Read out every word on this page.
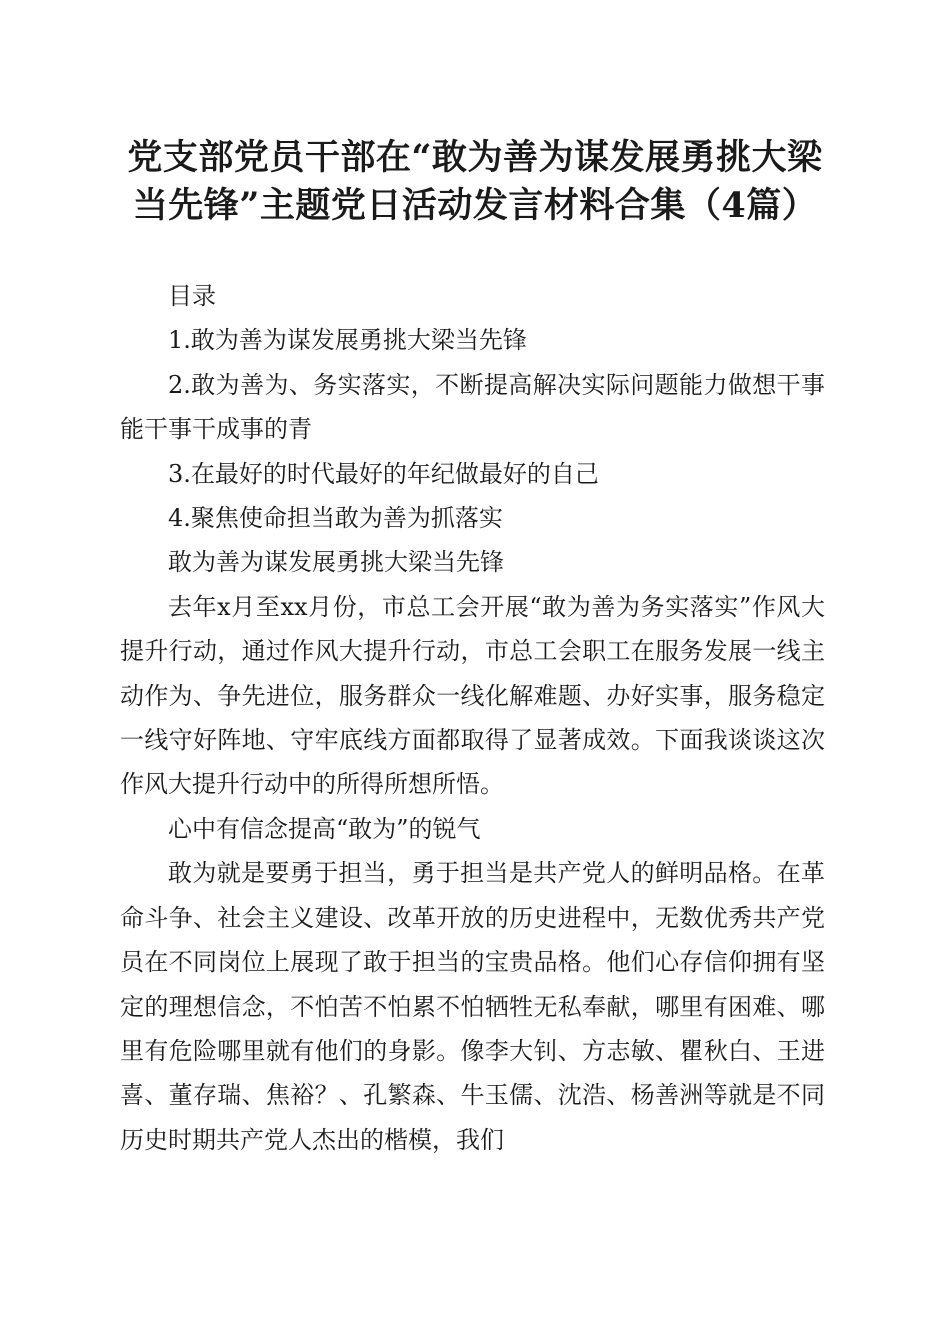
党支部党员干部在“敢为善为谋发展勇挑大梁
当先锋”主题党日活动发言材料合集（4篇）

目录

1.敢为善为谋发展勇挑大梁当先锋

2.敢为善为、务实落实，不断提高解决实际问题能力做想干事能干事干成事的青

3.在最好的时代最好的年纪做最好的自己

4.聚焦使命担当敢为善为抓落实

敢为善为谋发展勇挑大梁当先锋

去年x月至xx月份，市总工会开展“敢为善为务实落实”作风大提升行动，通过作风大提升行动，市总工会职工在服务发展一线主动作为、争先进位，服务群众一线化解难题、办好实事，服务稳定一线守好阵地、守牢底线方面都取得了显著成效。下面我谈谈这次作风大提升行动中的所得所想所悟。

心中有信念提高“敢为”的锐气

敢为就是要勇于担当，勇于担当是共产党人的鲜明品格。在革命斗争、社会主义建设、改革开放的历史进程中，无数优秀共产党员在不同岗位上展现了敢于担当的宝贵品格。他们心存信仰拥有坚定的理想信念，不怕苦不怕累不怕牺牲无私奉献，哪里有困难、哪里有危险哪里就有他们的身影。像李大钊、方志敏、瞿秋白、王进喜、董存瑞、焦裕？、孔繁森、牛玉儒、沈浩、杨善洲等就是不同历史时期共产党人杰出的楷模，我们
